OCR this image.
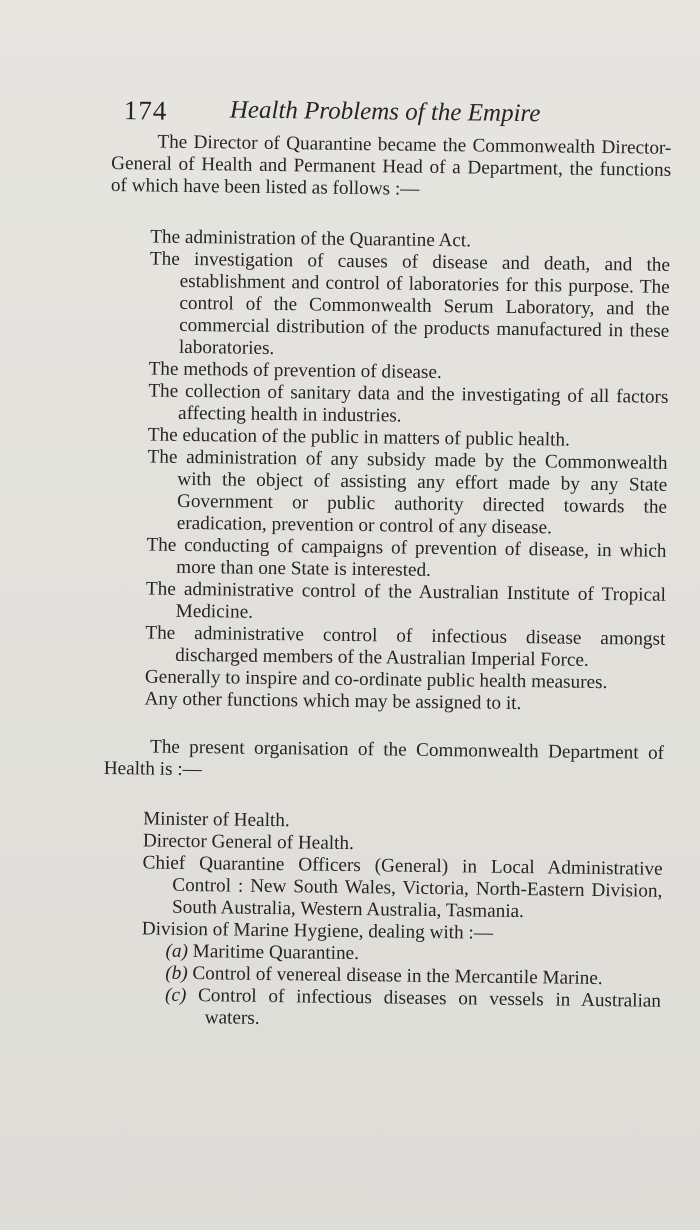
174 Health Problems of the Empire

The Director of Quarantine became the Commonwealth Director-General of Health and Permanent Head of a Department, the functions of which have been listed as follows :—

The administration of the Quarantine Act.
The investigation of causes of disease and death, and the establishment and control of laboratories for this purpose. The control of the Commonwealth Serum Laboratory, and the commercial distribution of the products manufactured in these laboratories.
The methods of prevention of disease.
The collection of sanitary data and the investigating of all factors affecting health in industries.
The education of the public in matters of public health.
The administration of any subsidy made by the Commonwealth with the object of assisting any effort made by any State Government or public authority directed towards the eradication, prevention or control of any disease.
The conducting of campaigns of prevention of disease, in which more than one State is interested.
The administrative control of the Australian Institute of Tropical Medicine.
The administrative control of infectious disease amongst discharged members of the Australian Imperial Force.
Generally to inspire and co-ordinate public health measures.
Any other functions which may be assigned to it.

The present organisation of the Commonwealth Department of Health is :—

Minister of Health.
Director General of Health.
Chief Quarantine Officers (General) in Local Administrative Control : New South Wales, Victoria, North-Eastern Division, South Australia, Western Australia, Tasmania.
Division of Marine Hygiene, dealing with :—
(a) Maritime Quarantine.
(b) Control of venereal disease in the Mercantile Marine.
(c) Control of infectious diseases on vessels in Australian waters.
